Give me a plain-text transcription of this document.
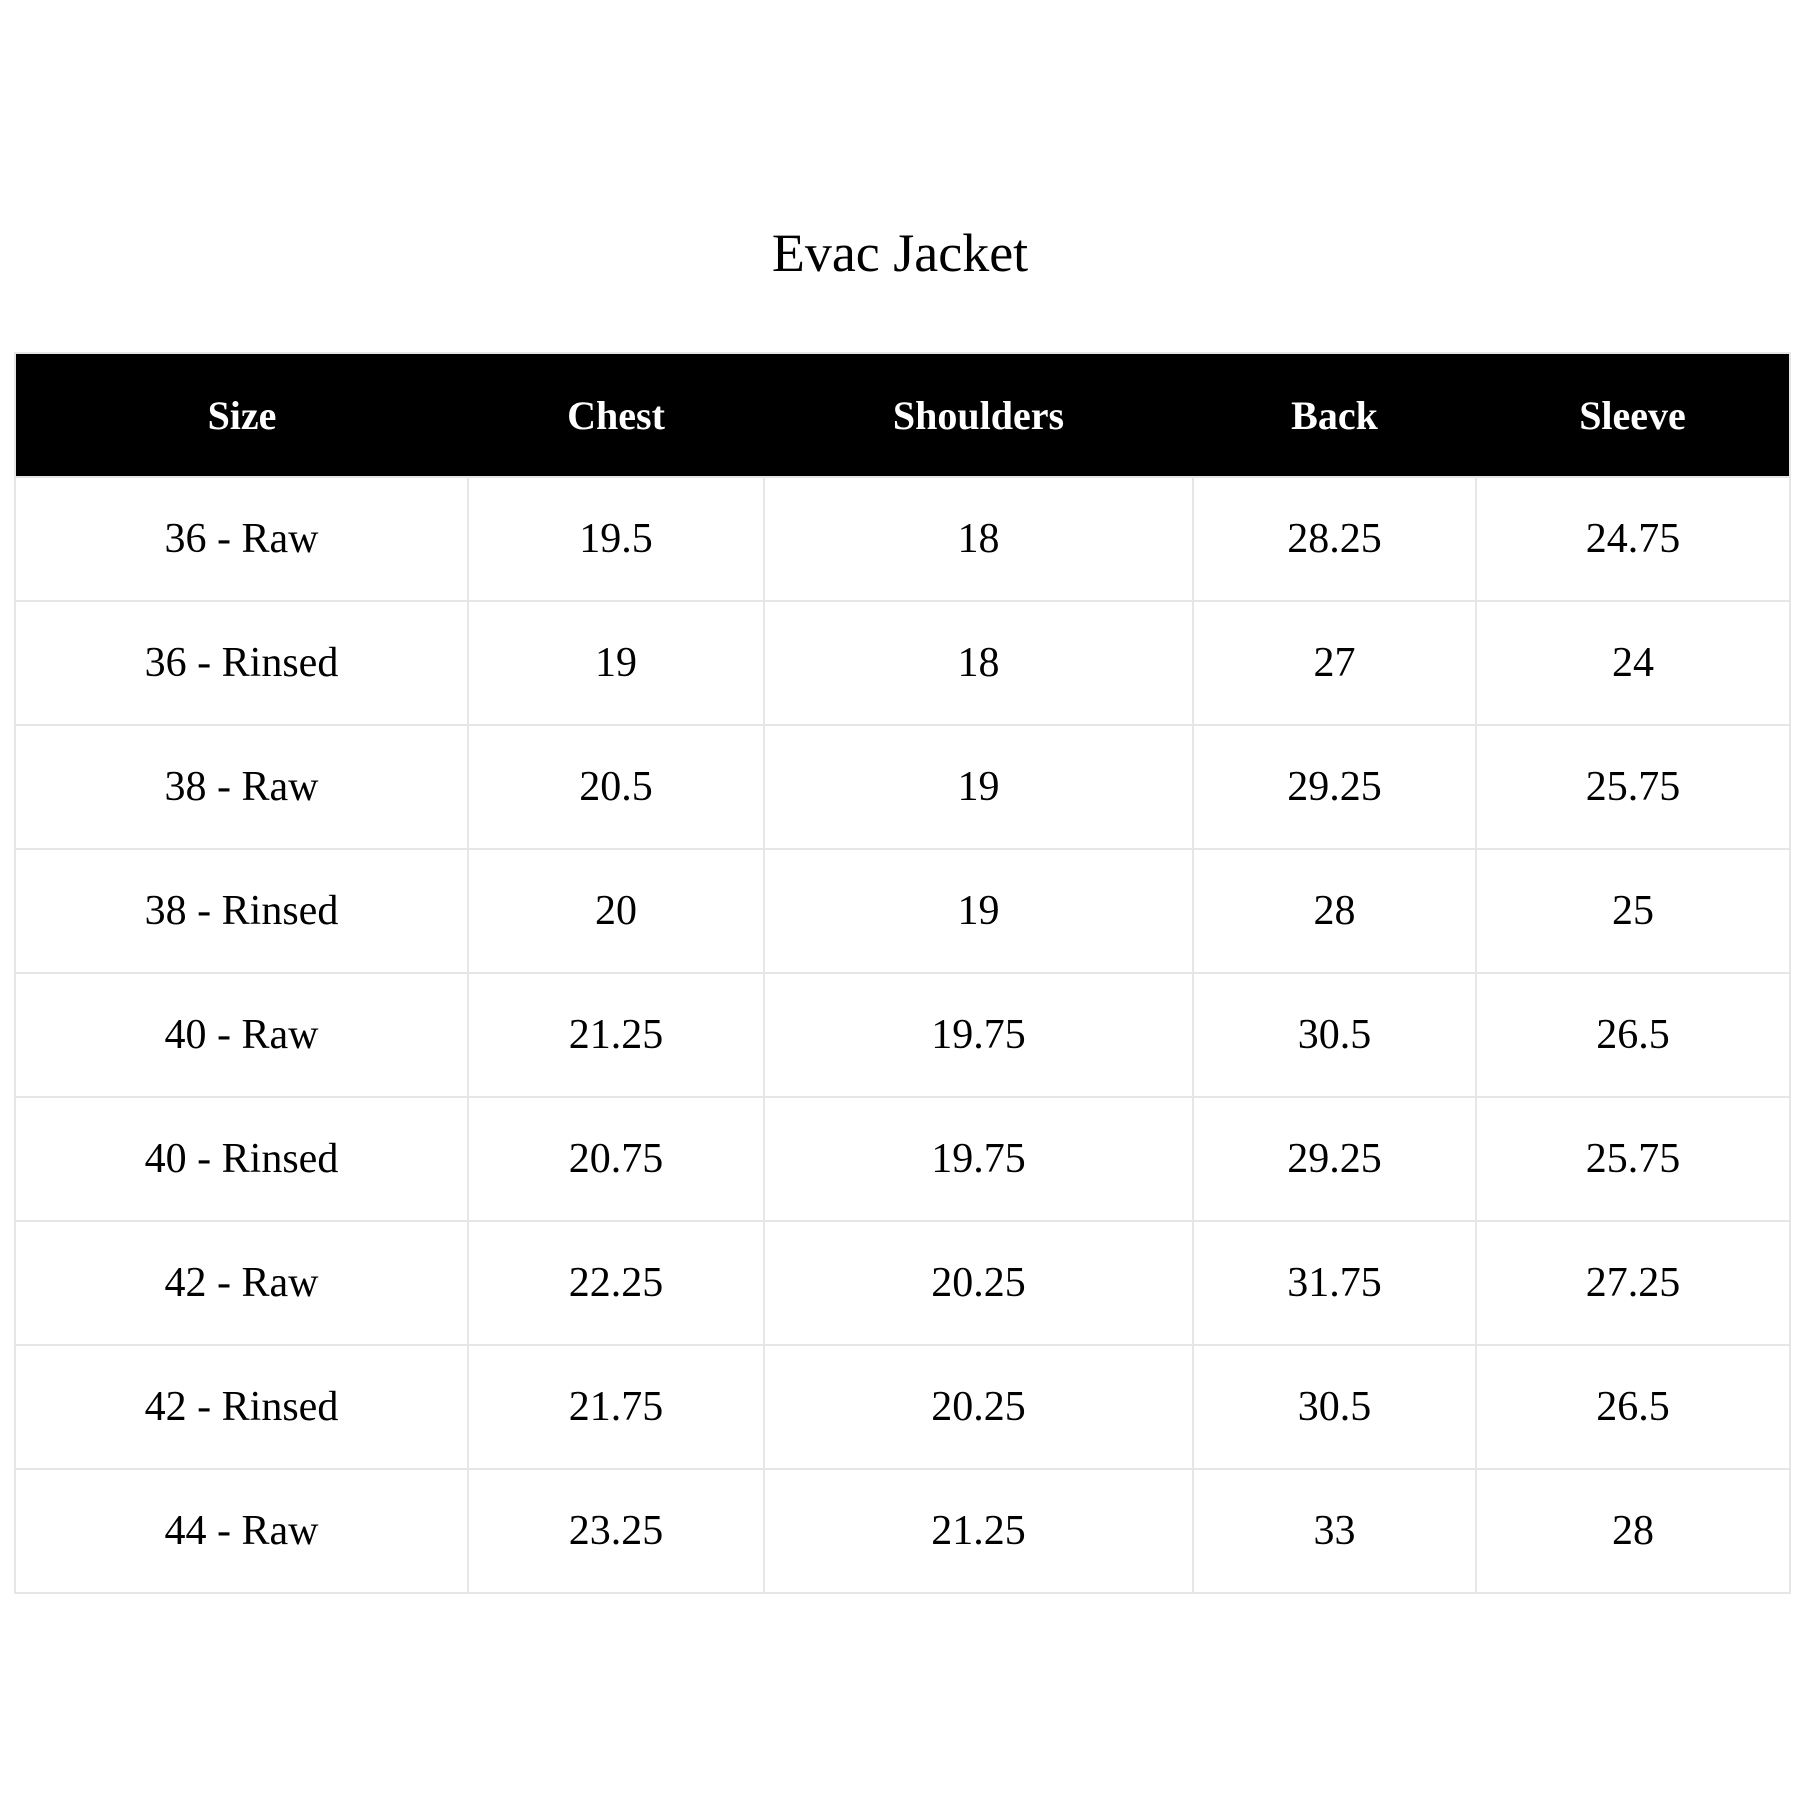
Evac Jacket
Size	Chest	Shoulders	Back	Sleeve
36 - Raw	19.5	18	28.25	24.75
36 - Rinsed	19	18	27	24
38 - Raw	20.5	19	29.25	25.75
38 - Rinsed	20	19	28	25
40 - Raw	21.25	19.75	30.5	26.5
40 - Rinsed	20.75	19.75	29.25	25.75
42 - Raw	22.25	20.25	31.75	27.25
42 - Rinsed	21.75	20.25	30.5	26.5
44 - Raw	23.25	21.25	33	28
